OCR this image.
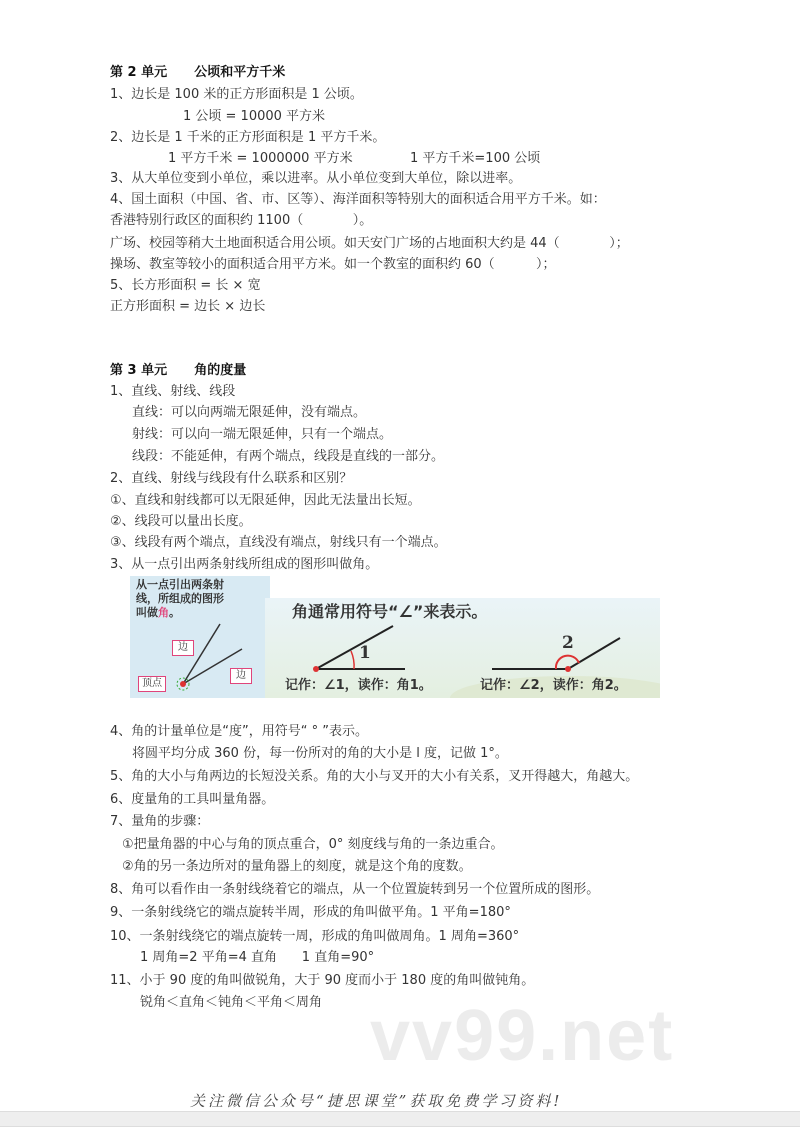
第 2 单元      公顷和平方千米
1、边长是 100 米的正方形面积是 1 公顷。
1 公顷 = 10000 平方米
2、边长是 1 千米的正方形面积是 1 平方千米。
1 平方千米 = 1000000 平方米	1 平方千米=100 公顷
3、从大单位变到小单位，乘以进率。从小单位变到大单位，除以进率。
4、国土面积（中国、省、市、区等）、海洋面积等特别大的面积适合用平方千米。如：
香港特别行政区的面积约 1100（            ）。
广场、校园等稍大土地面积适合用公顷。如天安门广场的占地面积大约是 44（            ）；
操场、教室等较小的面积适合用平方米。如一个教室的面积约 60（          ）；
5、长方形面积 = 长 × 宽
正方形面积 = 边长 × 边长
第 3 单元      角的度量
1、直线、射线、线段
直线：可以向两端无限延伸，没有端点。
射线：可以向一端无限延伸，只有一个端点。
线段：不能延伸，有两个端点，线段是直线的一部分。
2、直线、射线与线段有什么联系和区别？
①、直线和射线都可以无限延伸，因此无法量出长短。
②、线段可以量出长度。
③、线段有两个端点，直线没有端点，射线只有一个端点。
3、从一点引出两条射线所组成的图形叫做角。
从一点引出两条射
线，所组成的图形
叫做角。
边
边
顶点
角通常用符号“∠”来表示。
1	2
记作：∠1，读作：角1。	记作：∠2，读作：角2。
4、角的计量单位是“度”，用符号“ ° ”表示。
将圆平均分成 360 份，每一份所对的角的大小是 l 度，记做 1°。
5、角的大小与角两边的长短没关系。角的大小与叉开的大小有关系，叉开得越大，角越大。
6、度量角的工具叫量角器。
7、量角的步骤：
①把量角器的中心与角的顶点重合，0° 刻度线与角的一条边重合。
②角的另一条边所对的量角器上的刻度，就是这个角的度数。
8、角可以看作由一条射线绕着它的端点，从一个位置旋转到另一个位置所成的图形。
9、一条射线绕它的端点旋转半周，形成的角叫做平角。1 平角=180°
10、一条射线绕它的端点旋转一周，形成的角叫做周角。1 周角=360°
1 周角=2 平角=4 直角      1 直角=90°
11、小于 90 度的角叫做锐角，大于 90 度而小于 180 度的角叫做钝角。
锐角＜直角＜钝角＜平角＜周角 vv99.net
关注微信公众号“捷思课堂”获取免费学习资料!
